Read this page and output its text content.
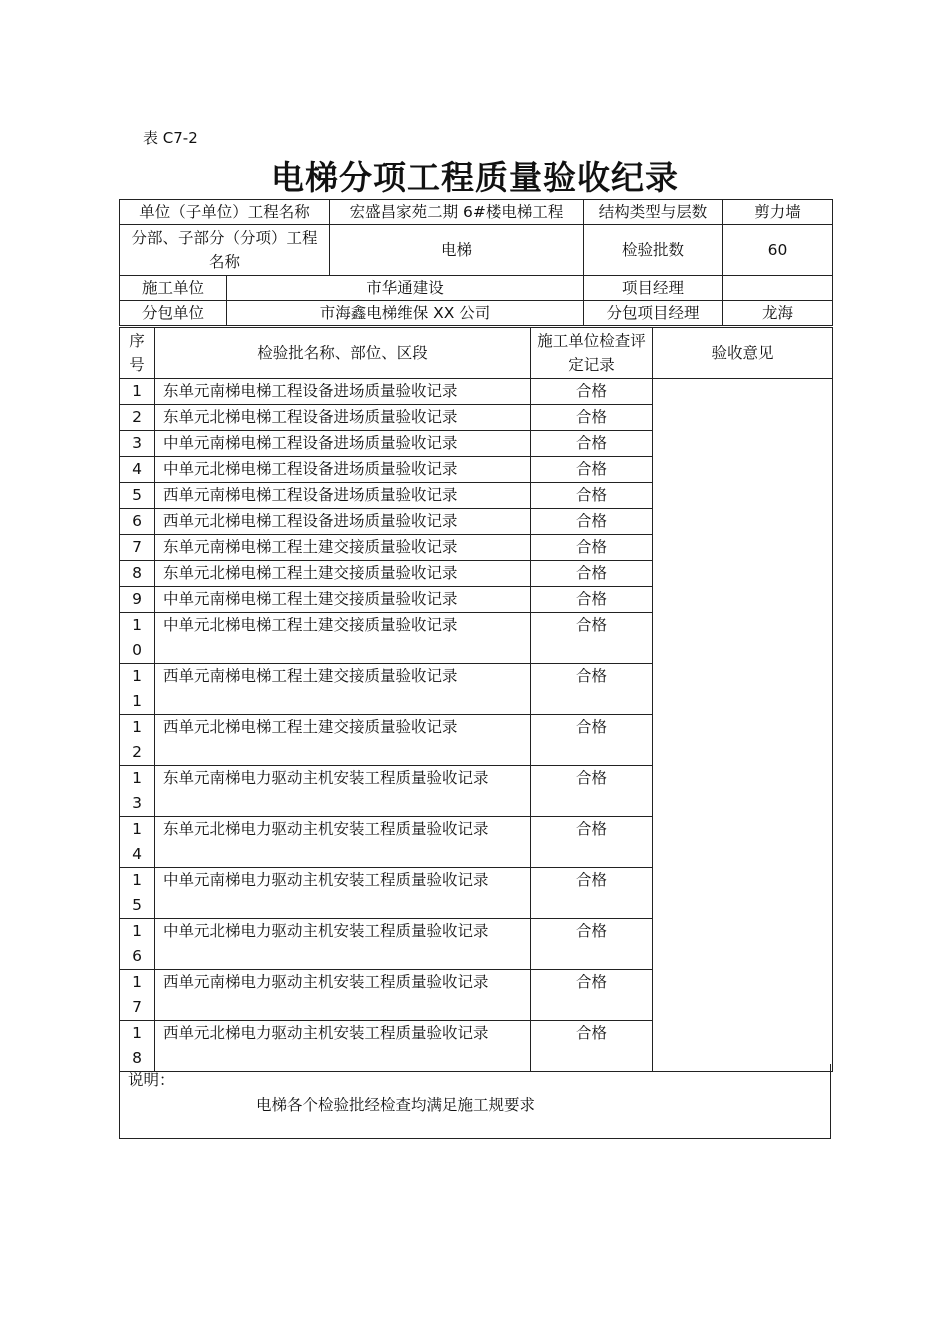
表 C7-2
电梯分项工程质量验收纪录
单位（子单位）工程名称		宏盛昌家苑二期 6#楼电梯工程	结构类型与层数	剪力墙
分部、子部分（分项）工程名称		电梯	检验批数	60
施工单位	市华通建设		项目经理	
分包单位	市海鑫电梯维保 XX 公司		分包项目经理	龙海
序号	检验批名称、部位、区段	施工单位检查评定记录	验收意见
1	东单元南梯电梯工程设备进场质量验收记录	合格	
2	东单元北梯电梯工程设备进场质量验收记录	合格	
3	中单元南梯电梯工程设备进场质量验收记录	合格	
4	中单元北梯电梯工程设备进场质量验收记录	合格	
5	西单元南梯电梯工程设备进场质量验收记录	合格	
6	西单元北梯电梯工程设备进场质量验收记录	合格	
7	东单元南梯电梯工程土建交接质量验收记录	合格	
8	东单元北梯电梯工程土建交接质量验收记录	合格	
9	中单元南梯电梯工程土建交接质量验收记录	合格	
10	中单元北梯电梯工程土建交接质量验收记录	合格	
11	西单元南梯电梯工程土建交接质量验收记录	合格	
12	西单元北梯电梯工程土建交接质量验收记录	合格	
13	东单元南梯电力驱动主机安装工程质量验收记录	合格	
14	东单元北梯电力驱动主机安装工程质量验收记录	合格	
15	中单元南梯电力驱动主机安装工程质量验收记录	合格	
16	中单元北梯电力驱动主机安装工程质量验收记录	合格	
17	西单元南梯电力驱动主机安装工程质量验收记录	合格	
18	西单元北梯电力驱动主机安装工程质量验收记录	合格	
说明：
电梯各个检验批经检查均满足施工规要求
